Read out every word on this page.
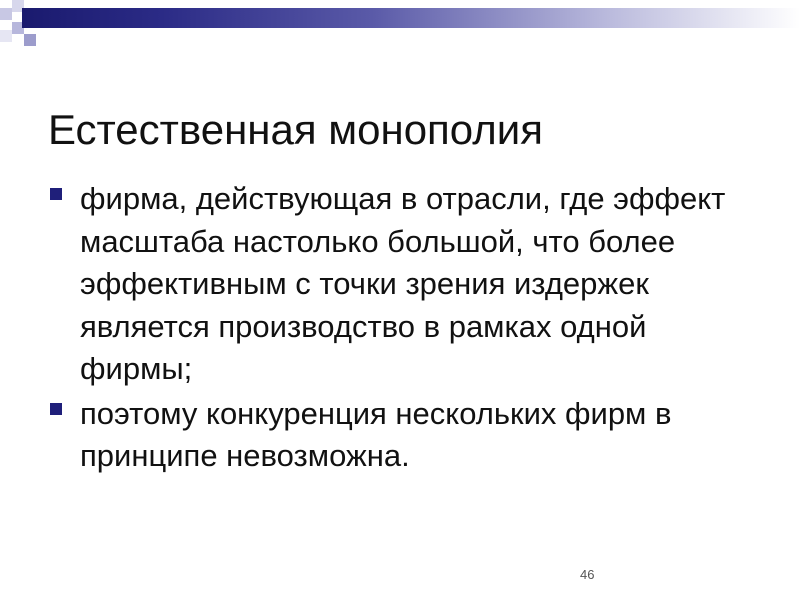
Естественная монополия
фирма, действующая в отрасли, где эффект масштаба настолько большой, что более эффективным с точки зрения издержек является производство в рамках одной фирмы;
поэтому конкуренция нескольких фирм в принципе невозможна.
46
